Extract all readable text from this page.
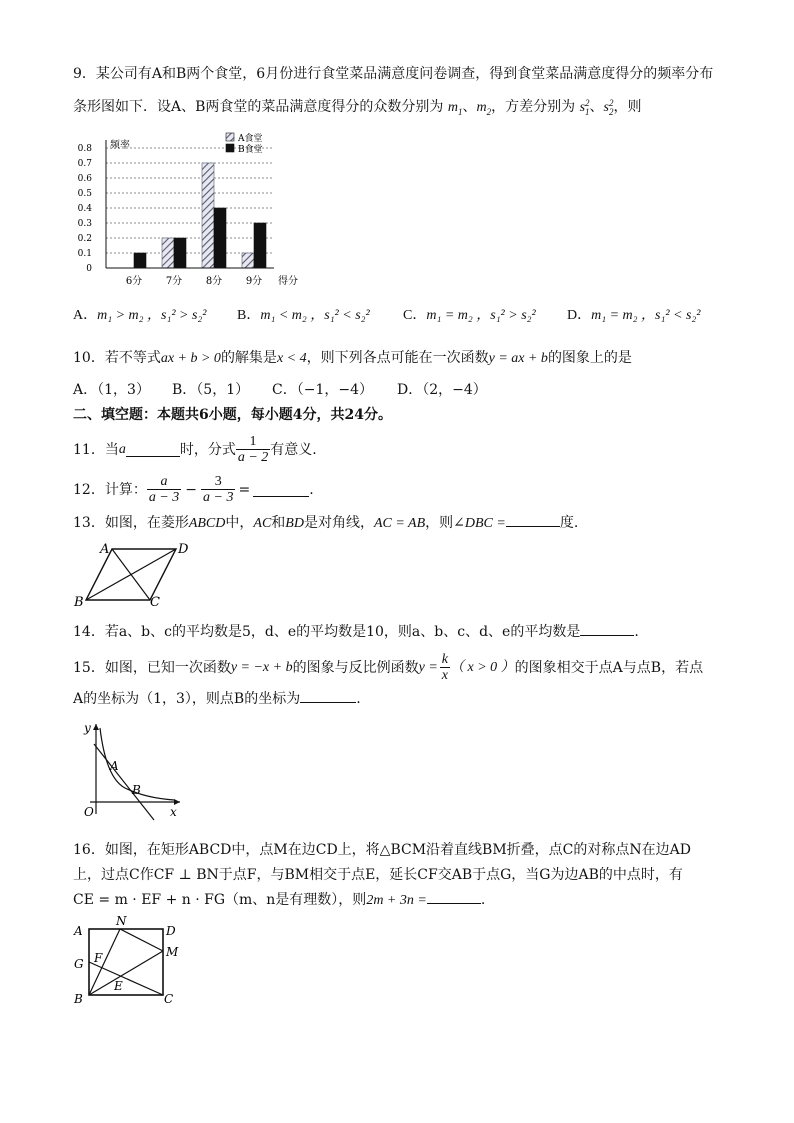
9．某公司有A和B两个食堂，6月份进行食堂菜品满意度问卷调查，得到食堂菜品满意度得分的频率分布
条形图如下．设A、B两食堂的菜品满意度得分的众数分别为 $m_1$、$m_2$，方差分别为 s 2
1 、s 2
2 ，则
0
0.1
0.2
0.3
0.4
0.5
0.6
0.7
0.8
6分 7分 8分 9分
频率
得分
A食堂
B食堂
A．m₁ > m₂ ，s₁² > s₂² B．m₁ < m₂ ，s₁² < s₂² C．m₁ = m₂ ，s₁² > s₂² D．m₁ = m₂ ，s₁² < s₂²
10．若不等式ax + b > 0的解集是x < 4，则下列各点可能在一次函数y = ax + b的图象上的是
A．（1，3） B．（5，1） C．（−1，−4） D．（2，−4）
二、填空题：本题共6小题，每小题4分，共24分。
11．当 a	时，分式 $\frac{1}{a - 2}$ 有意义.
12．计算： $\frac{a}{a - 3} - \frac{3}{a - 3}$ =	.
13．如图，在菱形ABCD中，AC和BD是对角线，AC = AB，则∠DBC =	度.
A	D
B	C
14．若a、b、c的平均数是5，d、e的平均数是10，则a、b、c、d、e的平均数是	.
15．如图，已知一次函数 y = −x + b 的图象与反比例函数 $y = \frac{k}{x}$ （ x > 0 ） 的图象相交于点A与点B，若点
A的坐标为（1，3），则点B的坐标为	.
y
x
O
A
B
16．如图，在矩形ABCD中，点M在边CD上，将△BCM沿着直线BM折叠，点C的对称点N在边AD
上，过点C作CF ⊥ BN于点F，与BM相交于点E，延长CF交AB于点G，当G为边AB的中点时，有
CE = m · EF + n · FG（m、n是有理数），则2m + 3n =	.
A
N
D
M
G F
E
B	C
